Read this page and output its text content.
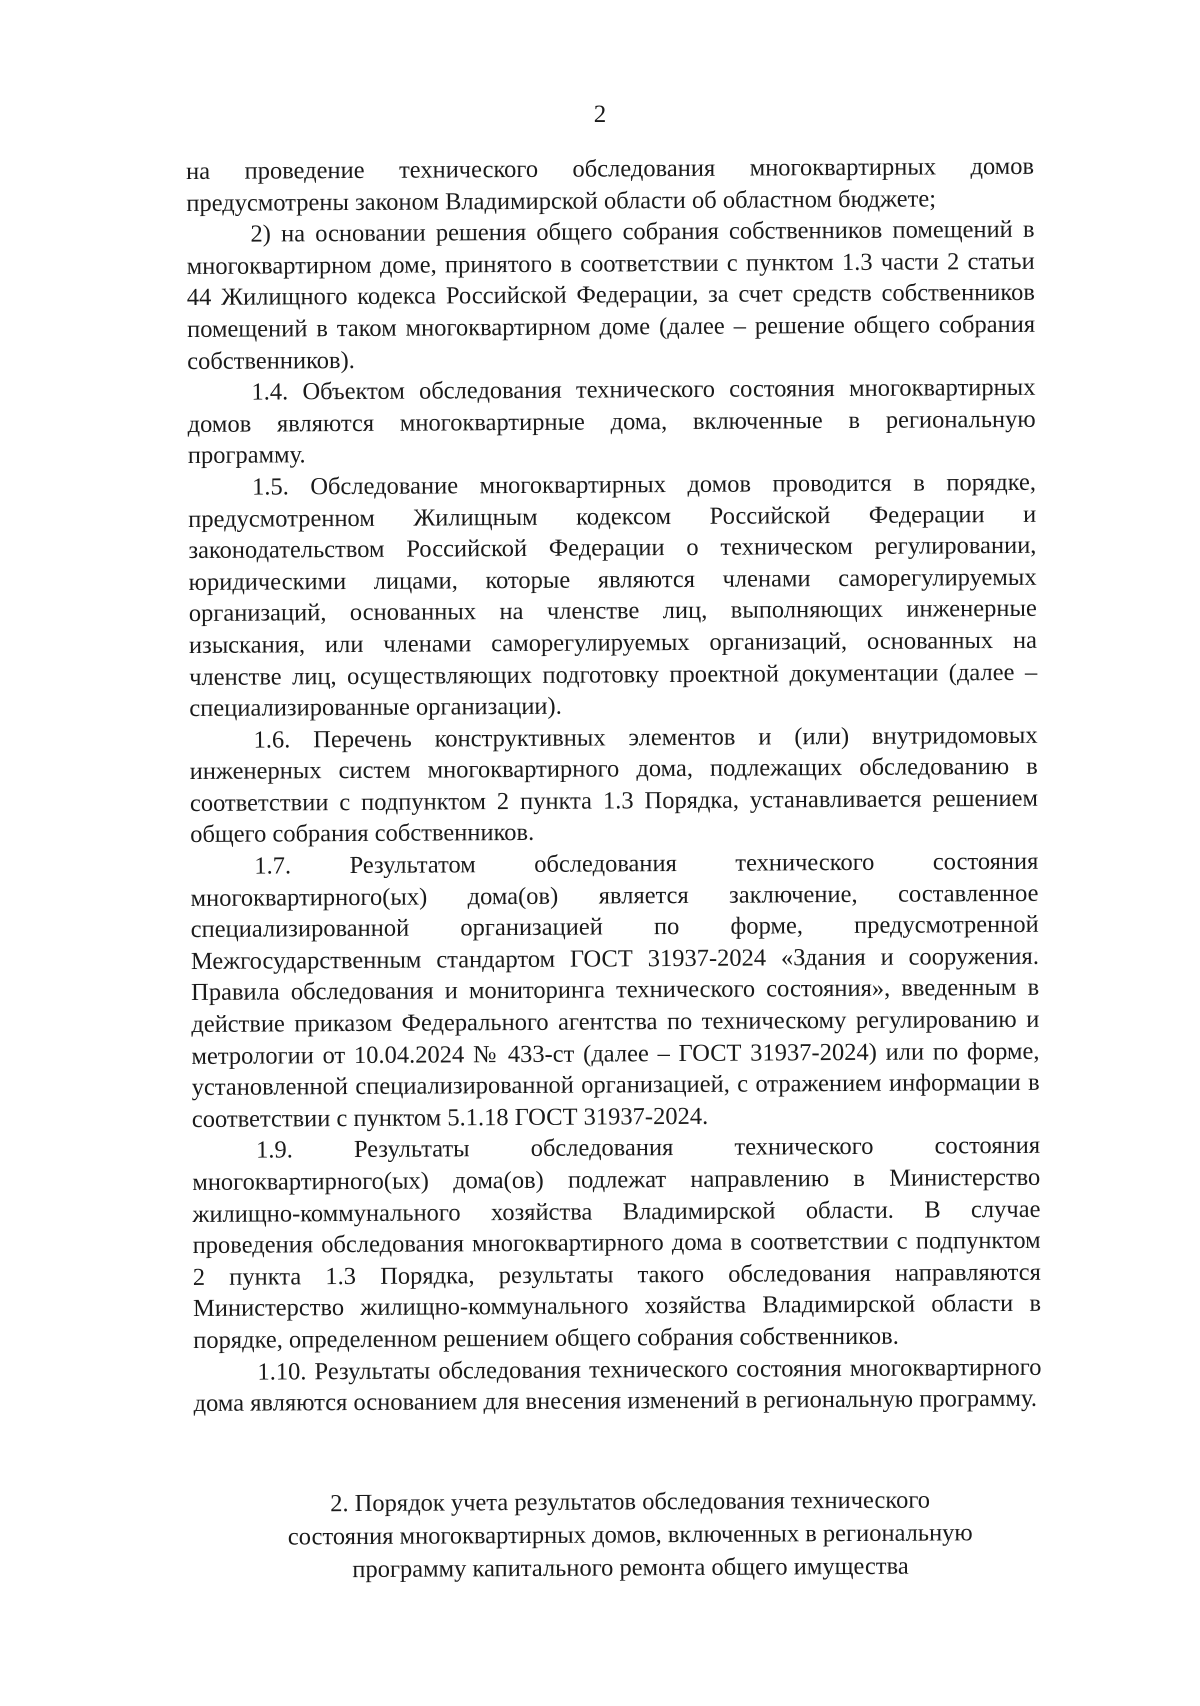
2

на проведение технического обследования многоквартирных домов предусмотрены законом Владимирской области об областном бюджете;

2) на основании решения общего собрания собственников помещений в многоквартирном доме, принятого в соответствии с пунктом 1.3 части 2 статьи 44 Жилищного кодекса Российской Федерации, за счет средств собственников помещений в таком многоквартирном доме (далее – решение общего собрания собственников).

1.4. Объектом обследования технического состояния многоквартирных домов являются многоквартирные дома, включенные в региональную программу.

1.5. Обследование многоквартирных домов проводится в порядке, предусмотренном Жилищным кодексом Российской Федерации и законодательством Российской Федерации о техническом регулировании, юридическими лицами, которые являются членами саморегулируемых организаций, основанных на членстве лиц, выполняющих инженерные изыскания, или членами саморегулируемых организаций, основанных на членстве лиц, осуществляющих подготовку проектной документации (далее – специализированные организации).

1.6. Перечень конструктивных элементов и (или) внутридомовых инженерных систем многоквартирного дома, подлежащих обследованию в соответствии с подпунктом 2 пункта 1.3 Порядка, устанавливается решением общего собрания собственников.

1.7. Результатом обследования технического состояния многоквартирного(ых) дома(ов) является заключение, составленное специализированной организацией по форме, предусмотренной Межгосударственным стандартом ГОСТ 31937-2024 «Здания и сооружения. Правила обследования и мониторинга технического состояния», введенным в действие приказом Федерального агентства по техническому регулированию и метрологии от 10.04.2024 № 433-ст (далее – ГОСТ 31937-2024) или по форме, установленной специализированной организацией, с отражением информации в соответствии с пунктом 5.1.18 ГОСТ 31937-2024.

1.9. Результаты обследования технического состояния многоквартирного(ых) дома(ов) подлежат направлению в Министерство жилищно-коммунального хозяйства Владимирской области. В случае проведения обследования многоквартирного дома в соответствии с подпунктом 2 пункта 1.3 Порядка, результаты такого обследования направляются Министерство жилищно-коммунального хозяйства Владимирской области в порядке, определенном решением общего собрания собственников.

1.10. Результаты обследования технического состояния многоквартирного дома являются основанием для внесения изменений в региональную программу.

2. Порядок учета результатов обследования технического

состояния многоквартирных домов, включенных в региональную

программу капитального ремонта общего имущества
